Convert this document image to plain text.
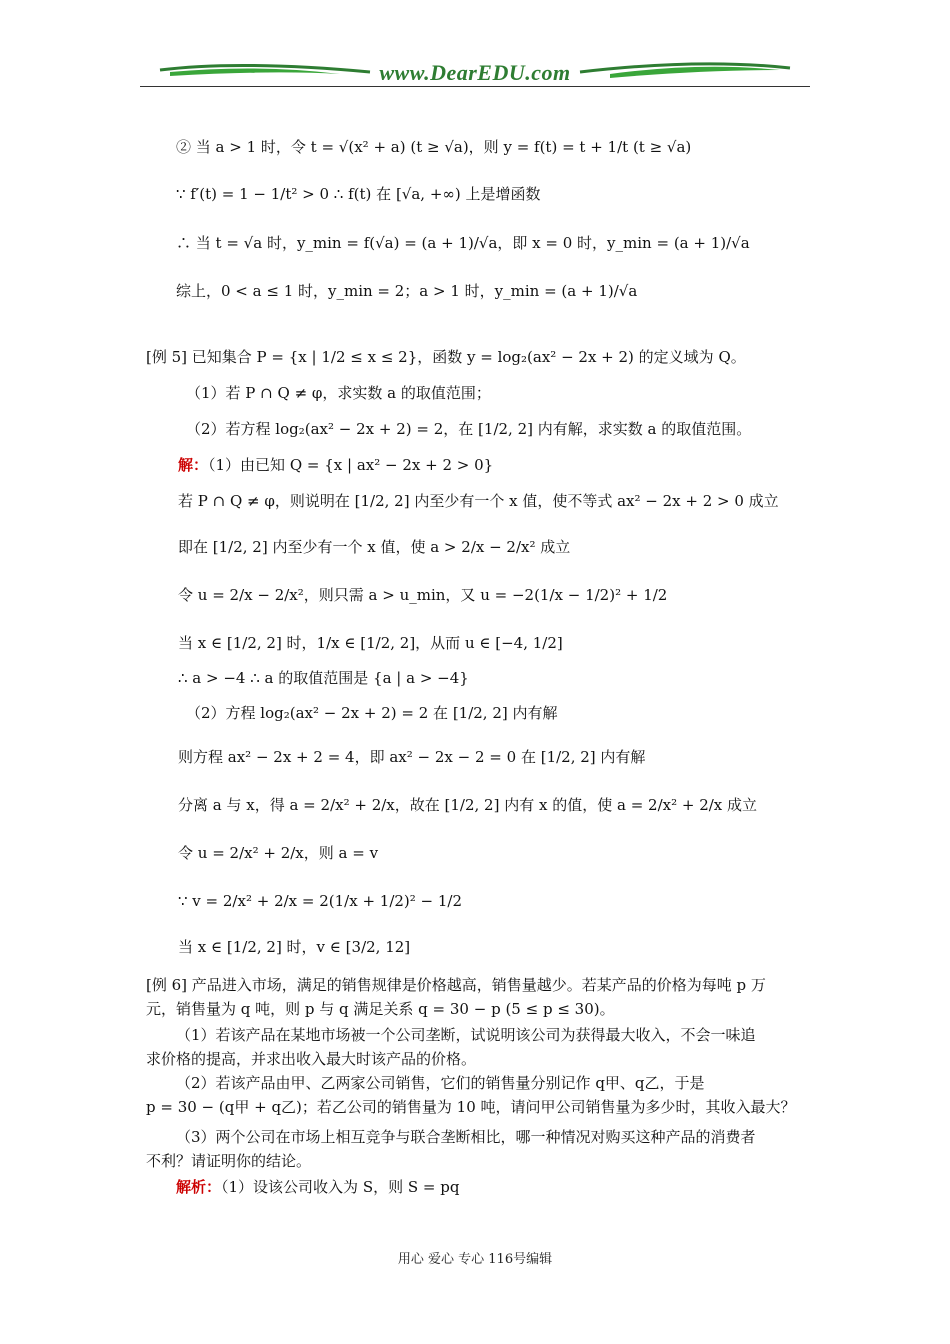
www.DearEDU.com
② 当 a > 1 时，令 t = √(x² + a) (t ≥ √a)，则 y = f(t) = t + 1/t (t ≥ √a)
∵ f′(t) = 1 − 1/t² > 0 ∴ f(t) 在 [√a, +∞) 上是增函数
∴ 当 t = √a 时，y_min = f(√a) = (a + 1)/√a，即 x = 0 时，y_min = (a + 1)/√a
综上，0 < a ≤ 1 时，y_min = 2；a > 1 时，y_min = (a + 1)/√a
[例 5] 已知集合 P = {x | 1/2 ≤ x ≤ 2}，函数 y = log₂(ax² − 2x + 2) 的定义域为 Q。
（1）若 P ∩ Q ≠ φ，求实数 a 的取值范围；
（2）若方程 log₂(ax² − 2x + 2) = 2，在 [1/2, 2] 内有解，求实数 a 的取值范围。
解：（1）由已知 Q = {x | ax² − 2x + 2 > 0}
若 P ∩ Q ≠ φ，则说明在 [1/2, 2] 内至少有一个 x 值，使不等式 ax² − 2x + 2 > 0 成立
即在 [1/2, 2] 内至少有一个 x 值，使 a > 2/x − 2/x² 成立
令 u = 2/x − 2/x²，则只需 a > u_min，又 u = −2(1/x − 1/2)² + 1/2
当 x ∈ [1/2, 2] 时，1/x ∈ [1/2, 2]，从而 u ∈ [−4, 1/2]
∴ a > −4 ∴ a 的取值范围是 {a | a > −4}
（2）方程 log₂(ax² − 2x + 2) = 2 在 [1/2, 2] 内有解
则方程 ax² − 2x + 2 = 4，即 ax² − 2x − 2 = 0 在 [1/2, 2] 内有解
分离 a 与 x，得 a = 2/x² + 2/x，故在 [1/2, 2] 内有 x 的值，使 a = 2/x² + 2/x 成立
令 u = 2/x² + 2/x，则 a = v
∵ v = 2/x² + 2/x = 2(1/x + 1/2)² − 1/2
当 x ∈ [1/2, 2] 时，v ∈ [3/2, 12]
[例 6] 产品进入市场，满足的销售规律是价格越高，销售量越少。若某产品的价格为每吨 p 万
元，销售量为 q 吨，则 p 与 q 满足关系 q = 30 − p (5 ≤ p ≤ 30)。
（1）若该产品在某地市场被一个公司垄断，试说明该公司为获得最大收入，不会一味追
求价格的提高，并求出收入最大时该产品的价格。
（2）若该产品由甲、乙两家公司销售，它们的销售量分别记作 q甲、q乙，于是
p = 30 − (q甲 + q乙)；若乙公司的销售量为 10 吨，请问甲公司销售量为多少时，其收入最大？
（3）两个公司在市场上相互竞争与联合垄断相比，哪一种情况对购买这种产品的消费者
不利？请证明你的结论。
解析：（1）设该公司收入为 S，则 S = pq
用心 爱心 专心 116号编辑
